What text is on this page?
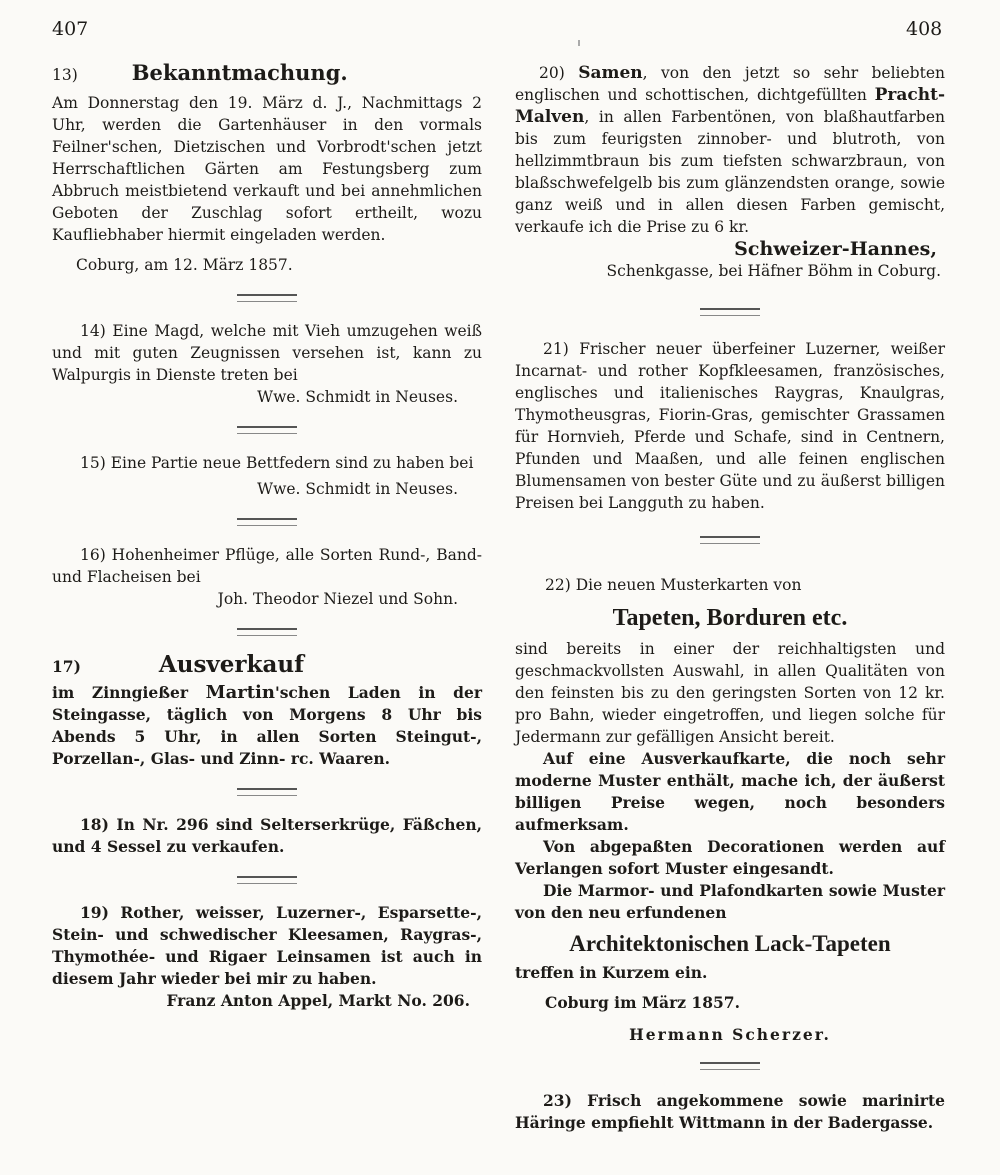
407	408
13)	Bekanntmachung.

Am Donnerstag den 19. März d. J., Nachmittags 2 Uhr, werden die Gartenhäuser in den vormals Feilner'schen, Dietzischen und Vorbrodt'schen jetzt Herrschaftlichen Gärten am Festungsberg zum Abbruch meistbietend verkauft und bei annehmlichen Geboten der Zuschlag sofort ertheilt, wozu Kaufliebhaber hiermit eingeladen werden.

Coburg, am 12. März 1857.

14) Eine Magd, welche mit Vieh umzugehen weiß und mit guten Zeugnissen versehen ist, kann zu Walpurgis in Dienste treten bei

Wwe. Schmidt in Neuses.

15) Eine Partie neue Bettfedern sind zu haben bei

Wwe. Schmidt in Neuses.

16) Hohenheimer Pflüge, alle Sorten Rund-, Band- und Flacheisen bei

Joh. Theodor Niezel und Sohn.

17)	Ausverkauf

im Zinngießer Martin'schen Laden in der Steingasse, täglich von Morgens 8 Uhr bis Abends 5 Uhr, in allen Sorten Steingut-, Porzellan-, Glas- und Zinn- rc. Waaren.

18) In Nr. 296 sind Selterserkrüge, Fäßchen, und 4 Sessel zu verkaufen.

19) Rother, weisser, Luzerner-, Esparsette-, Stein- und schwedischer Kleesamen, Raygras-, Thymothée- und Rigaer Leinsamen ist auch in diesem Jahr wieder bei mir zu haben.

Franz Anton Appel, Markt No. 206.

20) Samen, von den jetzt so sehr beliebten englischen und schottischen, dichtgefüllten Pracht-Malven, in allen Farbentönen, von blaßhautfarben bis zum feurigsten zinnober- und blutroth, von hellzimmtbraun bis zum tiefsten schwarzbraun, von blaßschwefelgelb bis zum glänzendsten orange, sowie ganz weiß und in allen diesen Farben gemischt, verkaufe ich die Prise zu 6 kr.

Schweizer-Hannes,

Schenkgasse, bei Häfner Böhm in Coburg.

21) Frischer neuer überfeiner Luzerner, weißer Incarnat- und rother Kopfkleesamen, französisches, englisches und italienisches Raygras, Knaulgras, Thymotheusgras, Fiorin-Gras, gemischter Grassamen für Hornvieh, Pferde und Schafe, sind in Centnern, Pfunden und Maaßen, und alle feinen englischen Blumensamen von bester Güte und zu äußerst billigen Preisen bei Langguth zu haben.

22) Die neuen Musterkarten von

Tapeten, Borduren etc.

sind bereits in einer der reichhaltigsten und geschmackvollsten Auswahl, in allen Qualitäten von den feinsten bis zu den geringsten Sorten von 12 kr. pro Bahn, wieder eingetroffen, und liegen solche für Jedermann zur gefälligen Ansicht bereit.

Auf eine Ausverkaufkarte, die noch sehr moderne Muster enthält, mache ich, der äußerst billigen Preise wegen, noch besonders aufmerksam.

Von abgepaßten Decorationen werden auf Verlangen sofort Muster eingesandt.

Die Marmor- und Plafondkarten sowie Muster von den neu erfundenen

Architektonischen Lack-Tapeten

treffen in Kurzem ein.

Coburg im März 1857.

Hermann Scherzer.

23) Frisch angekommene sowie marinirte Häringe empfiehlt Wittmann in der Badergasse.
